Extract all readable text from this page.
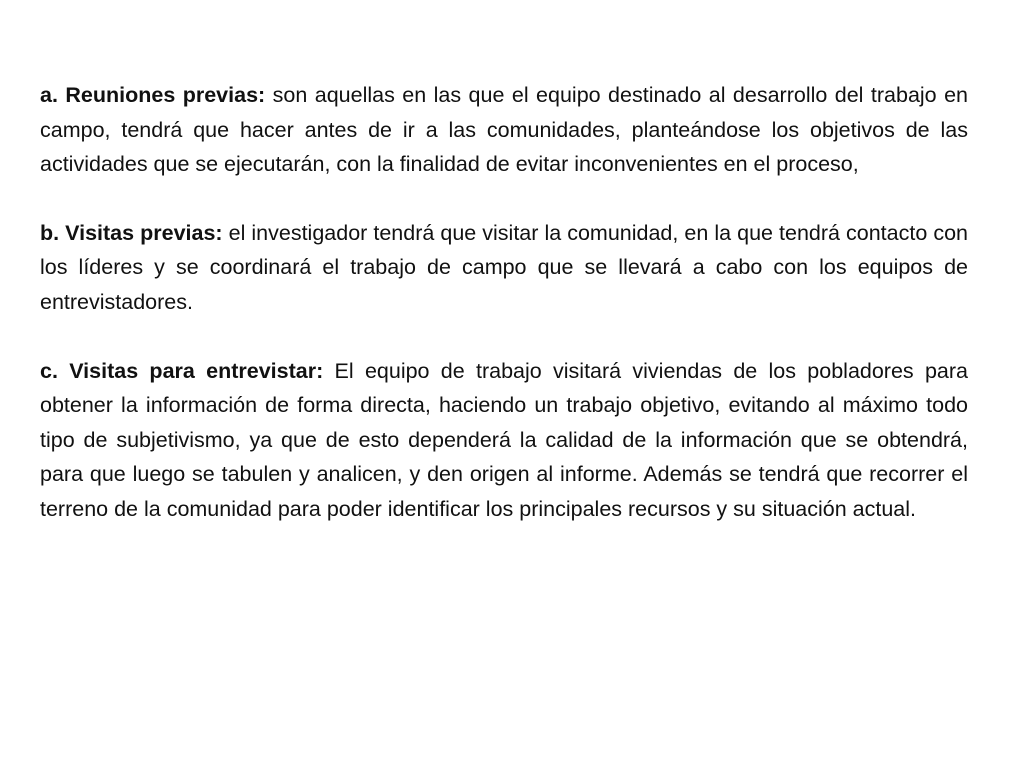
a. Reuniones previas: son aquellas en las que el equipo destinado al desarrollo del trabajo en campo, tendrá que hacer antes de ir a las comunidades, planteándose los objetivos de las actividades que se ejecutarán, con la finalidad de evitar inconvenientes en el proceso,

b. Visitas previas: el investigador tendrá que visitar la comunidad, en la que tendrá contacto con los líderes y se coordinará el trabajo de campo que se llevará a cabo con los equipos de entrevistadores.

c. Visitas para entrevistar: El equipo de trabajo visitará viviendas de los pobladores para obtener la información de forma directa, haciendo un trabajo objetivo, evitando al máximo todo tipo de subjetivismo, ya que de esto dependerá la calidad de la información que se obtendrá, para que luego se tabulen y analicen, y den origen al informe. Además se tendrá que recorrer el terreno de la comunidad para poder identificar los principales recursos y su situación actual.
